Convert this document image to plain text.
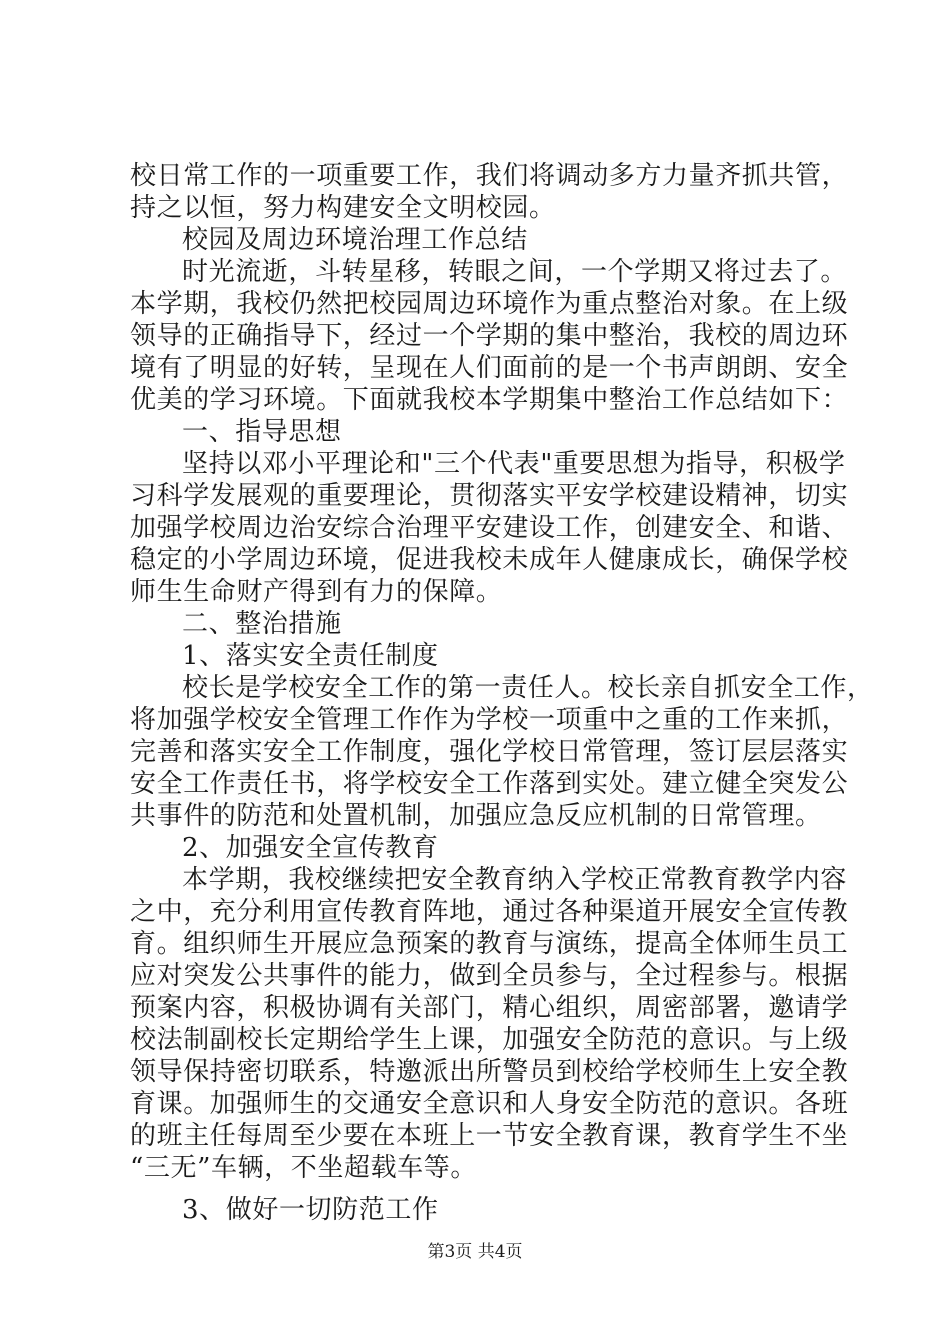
校日常工作的一项重要工作，我们将调动多方力量齐抓共管，

持之以恒，努力构建安全文明校园。

校园及周边环境治理工作总结

时光流逝，斗转星移，转眼之间，一个学期又将过去了。

本学期，我校仍然把校园周边环境作为重点整治对象。在上级

领导的正确指导下，经过一个学期的集中整治，我校的周边环

境有了明显的好转，呈现在人们面前的是一个书声朗朗、安全

优美的学习环境。下面就我校本学期集中整治工作总结如下：

一、指导思想

坚持以邓小平理论和"三个代表"重要思想为指导，积极学

习科学发展观的重要理论，贯彻落实平安学校建设精神，切实

加强学校周边治安综合治理平安建设工作，创建安全、和谐、

稳定的小学周边环境，促进我校未成年人健康成长，确保学校

师生生命财产得到有力的保障。

二、整治措施

1、落实安全责任制度

校长是学校安全工作的第一责任人。校长亲自抓安全工作，

将加强学校安全管理工作作为学校一项重中之重的工作来抓，

完善和落实安全工作制度，强化学校日常管理，签订层层落实

安全工作责任书，将学校安全工作落到实处。建立健全突发公

共事件的防范和处置机制，加强应急反应机制的日常管理。

2、加强安全宣传教育

本学期，我校继续把安全教育纳入学校正常教育教学内容

之中，充分利用宣传教育阵地，通过各种渠道开展安全宣传教

育。组织师生开展应急预案的教育与演练，提高全体师生员工

应对突发公共事件的能力，做到全员参与，全过程参与。根据

预案内容，积极协调有关部门，精心组织，周密部署，邀请学

校法制副校长定期给学生上课，加强安全防范的意识。与上级

领导保持密切联系，特邀派出所警员到校给学校师生上安全教

育课。加强师生的交通安全意识和人身安全防范的意识。各班

的班主任每周至少要在本班上一节安全教育课，教育学生不坐

“三无”车辆，不坐超载车等。

3、做好一切防范工作

第3页 共4页
